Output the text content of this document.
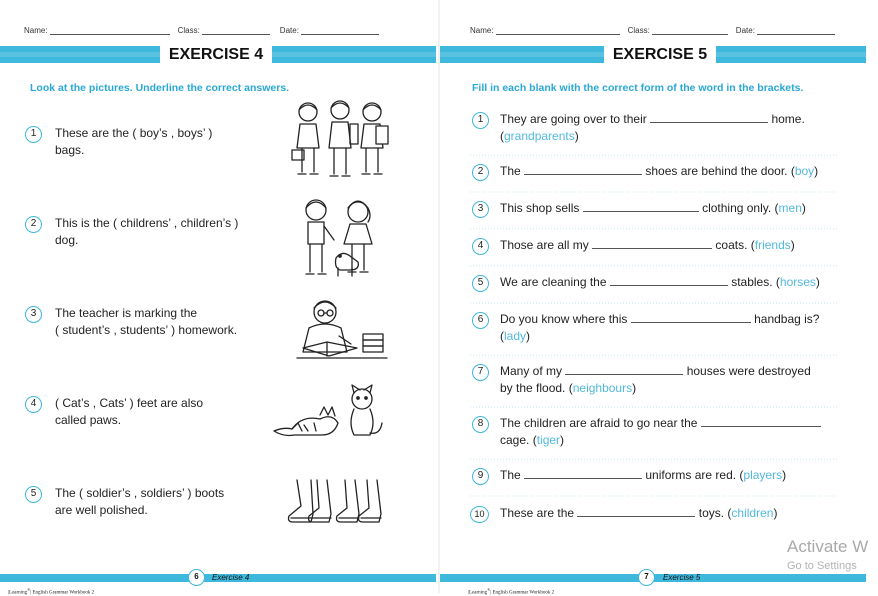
Name:	Class:	Date:
EXERCISE 4
Look at the pictures. Underline the correct answers.
1	These are the ( boy’s , boys’ )
bags.
2	This is the ( childrens’ , children’s )
dog.
3	The teacher is marking the
( student’s , students’ ) homework.
4	( Cat’s , Cats’ ) feet are also
called paws.
5	The ( soldier’s , soldiers’ ) boots
are well polished.
6	Exercise 4
|Learning®| English Grammar Workbook 2
Name:	Class:	Date:
EXERCISE 5
Fill in each blank with the correct form of the word in the brackets.
1	They are going over to their	home.
(grandparents)
2	The	shoes are behind the door. (boy)
3	This shop sells	clothing only. (men)
4	Those are all my	coats. (friends)
5	We are cleaning the	stables. (horses)
6	Do you know where this	handbag is?
(lady)
7	Many of my	houses were destroyed
by the flood. (neighbours)
8	The children are afraid to go near the
cage. (tiger)
9	The	uniforms are red. (players)
10	These are the	toys. (children)
7	Exercise 5
|Learning®| English Grammar Workbook 2
Activate W
Go to Settings
